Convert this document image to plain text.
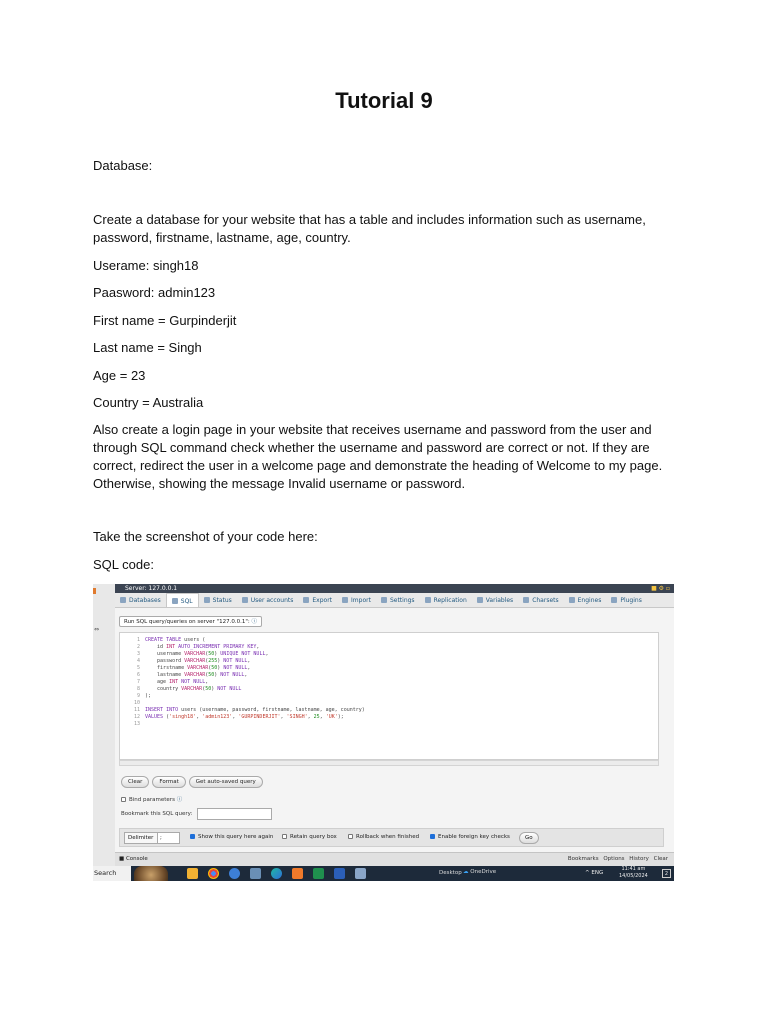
Tutorial 9
Database:
Create a database for your website that has a table and includes information such as username, password, firstname, lastname, age, country.
Userame: singh18
Paasword: admin123
First name = Gurpinderjit
Last name = Singh
Age = 23
Country = Australia
Also create a login page in your website that receives username and password from the user and through SQL command check whether the username and password are correct or not. If they are correct, redirect the user in a welcome page and demonstrate the heading of Welcome to my page. Otherwise, showing the message Invalid username or password.
Take the screenshot of your code here:
SQL code:
⇔
Server: 127.0.0.1	■ ⚙ ▫
Databases	SQL	Status	User accounts	Export	Import	Settings	Replication	Variables	Charsets	Engines	Plugins
Run SQL query/queries on server "127.0.0.1": ⓘ
1 CREATE TABLE users (
2    id INT AUTO_INCREMENT PRIMARY KEY,
3    username VARCHAR(50) UNIQUE NOT NULL,
4    password VARCHAR(255) NOT NULL,
5    firstname VARCHAR(50) NOT NULL,
6    lastname VARCHAR(50) NOT NULL,
7    age INT NOT NULL,
8    country VARCHAR(50) NOT NULL
9 );
10
11 INSERT INTO users (username, password, firstname, lastname, age, country)
12 VALUES ('singh18', 'admin123', 'GURPINDERJIT', 'SINGH', 25, 'UK');
13
Clear	Format	Get auto-saved query
Bind parameters ⓘ
Bookmark this SQL query:
Delimiter	;	Show this query here again	Retain query box	Rollback when finished	Enable foreign key checks	Go
■ Console	Bookmarks Options History Clear
Search	Desktop ☁ OneDrive	^ ENG
11:41 am
14/05/2024	2
